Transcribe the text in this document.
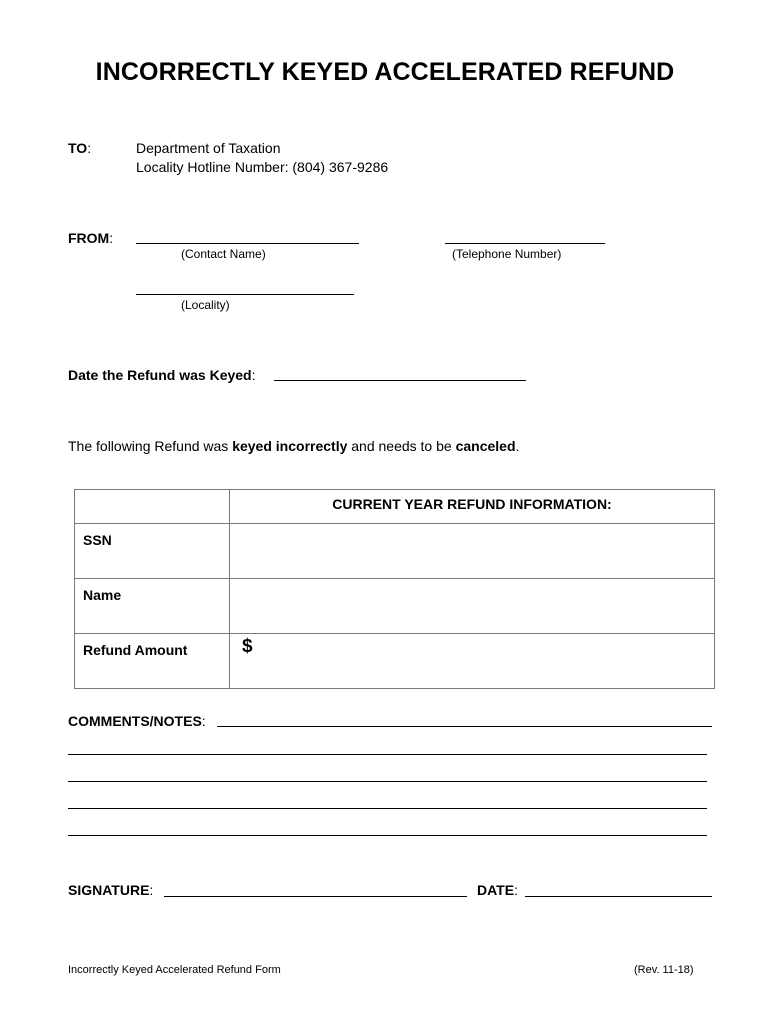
INCORRECTLY KEYED ACCELERATED REFUND
TO:	Department of Taxation
Locality Hotline Number: (804) 367-9286
FROM:
(Contact Name)	(Telephone Number)
(Locality)
Date the Refund was Keyed:
The following Refund was keyed incorrectly and needs to be canceled.
	CURRENT YEAR REFUND INFORMATION:
SSN	
Name	
Refund Amount	$
COMMENTS/NOTES:
SIGNATURE:	DATE:
Incorrectly Keyed Accelerated Refund Form	(Rev. 11-18)
